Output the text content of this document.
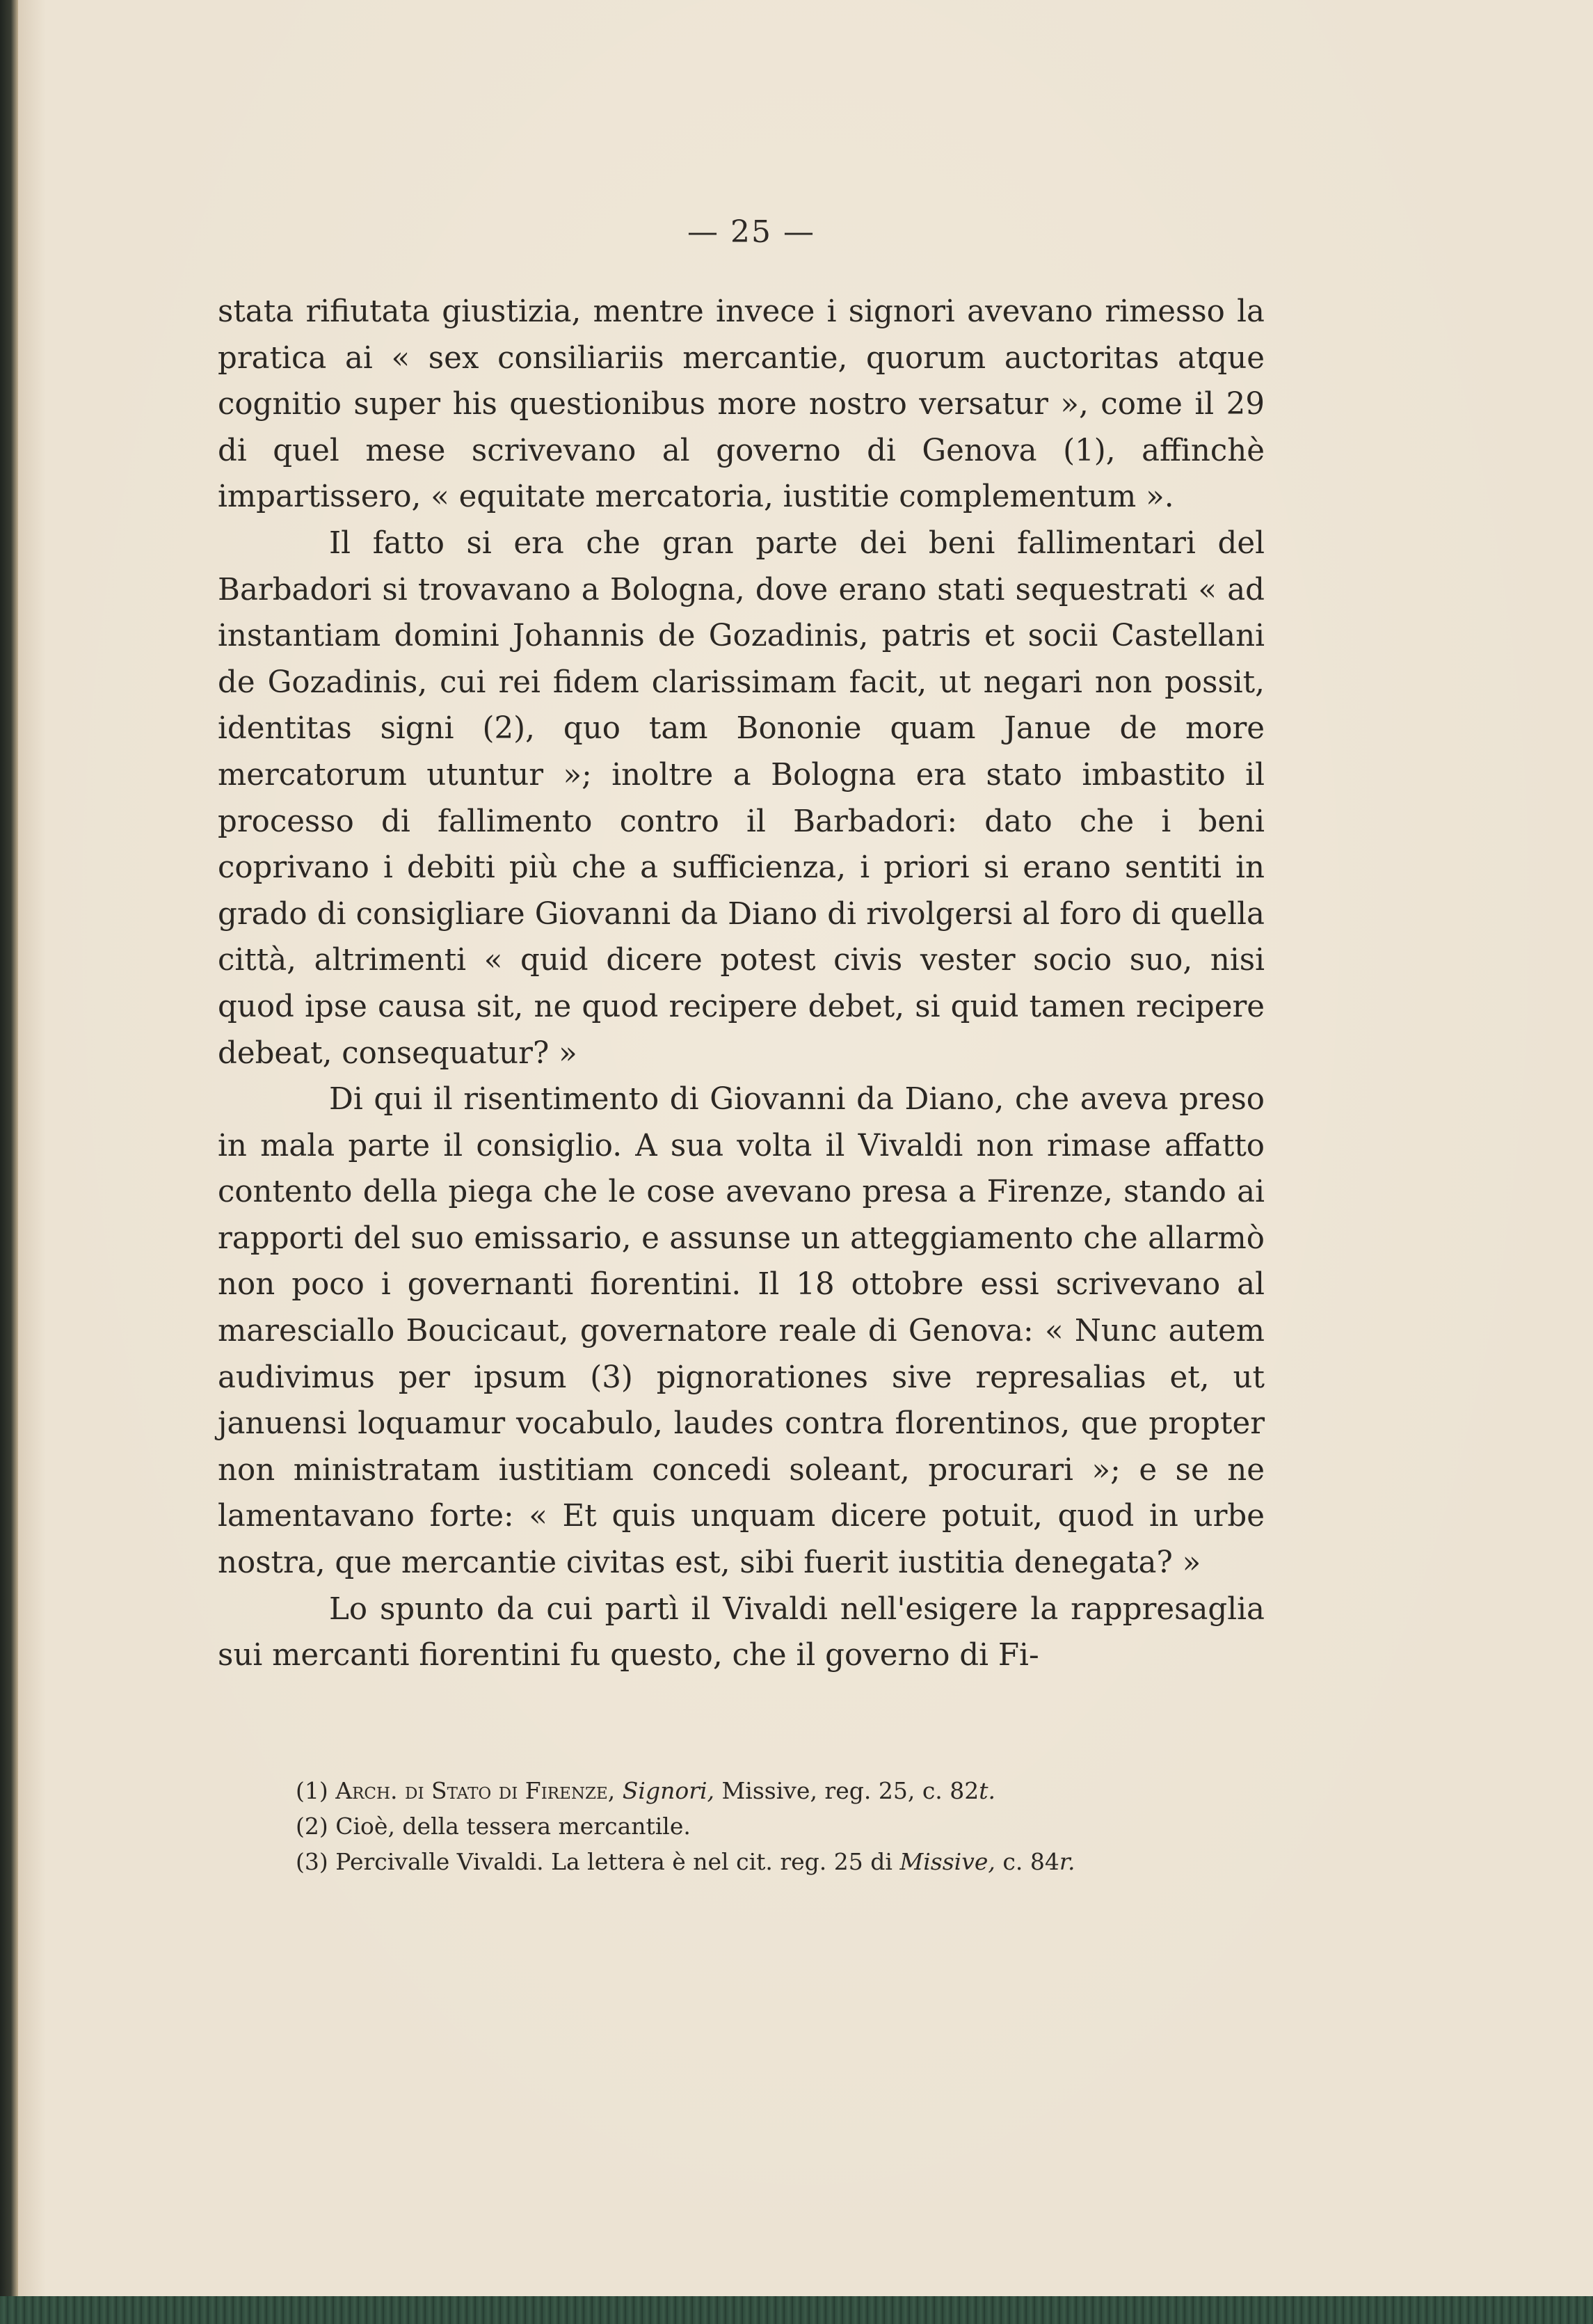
— 25 —

stata rifiutata giustizia, mentre invece i signori avevano rimesso la pratica ai « sex consiliariis mercantie, quorum auctoritas atque cognitio super his questionibus more nostro versatur », come il 29 di quel mese scrivevano al governo di Genova (1), affinchè impartissero, « equitate mercatoria, iustitie complementum ».

Il fatto si era che gran parte dei beni fallimentari del Barbadori si trovavano a Bologna, dove erano stati sequestrati « ad instantiam domini Johannis de Gozadinis, patris et socii Castellani de Gozadinis, cui rei fidem clarissimam facit, ut negari non possit, identitas signi (2), quo tam Bononie quam Janue de more mercatorum utuntur »; inoltre a Bologna era stato imbastito il processo di fallimento contro il Barbadori: dato che i beni coprivano i debiti più che a sufficienza, i priori si erano sentiti in grado di consigliare Giovanni da Diano di rivolgersi al foro di quella città, altrimenti « quid dicere potest civis vester socio suo, nisi quod ipse causa sit, ne quod recipere debet, si quid tamen recipere debeat, consequatur? »

Di qui il risentimento di Giovanni da Diano, che aveva preso in mala parte il consiglio. A sua volta il Vivaldi non rimase affatto contento della piega che le cose avevano presa a Firenze, stando ai rapporti del suo emissario, e assunse un atteggiamento che allarmò non poco i governanti fiorentini. Il 18 ottobre essi scrivevano al maresciallo Boucicaut, governatore reale di Genova: « Nunc autem audivimus per ipsum (3) pignorationes sive represalias et, ut januensi loquamur vocabulo, laudes contra florentinos, que propter non ministratam iustitiam concedi soleant, procurari »; e se ne lamentavano forte: « Et quis unquam dicere potuit, quod in urbe nostra, que mercantie civitas est, sibi fuerit iustitia denegata? »

Lo spunto da cui partì il Vivaldi nell'esigere la rappresaglia sui mercanti fiorentini fu questo, che il governo di Fi-

(1) Arch. di Stato di Firenze, Signori, Missive, reg. 25, c. 82t.
(2) Cioè, della tessera mercantile.
(3) Percivalle Vivaldi. La lettera è nel cit. reg. 25 di Missive, c. 84r.
